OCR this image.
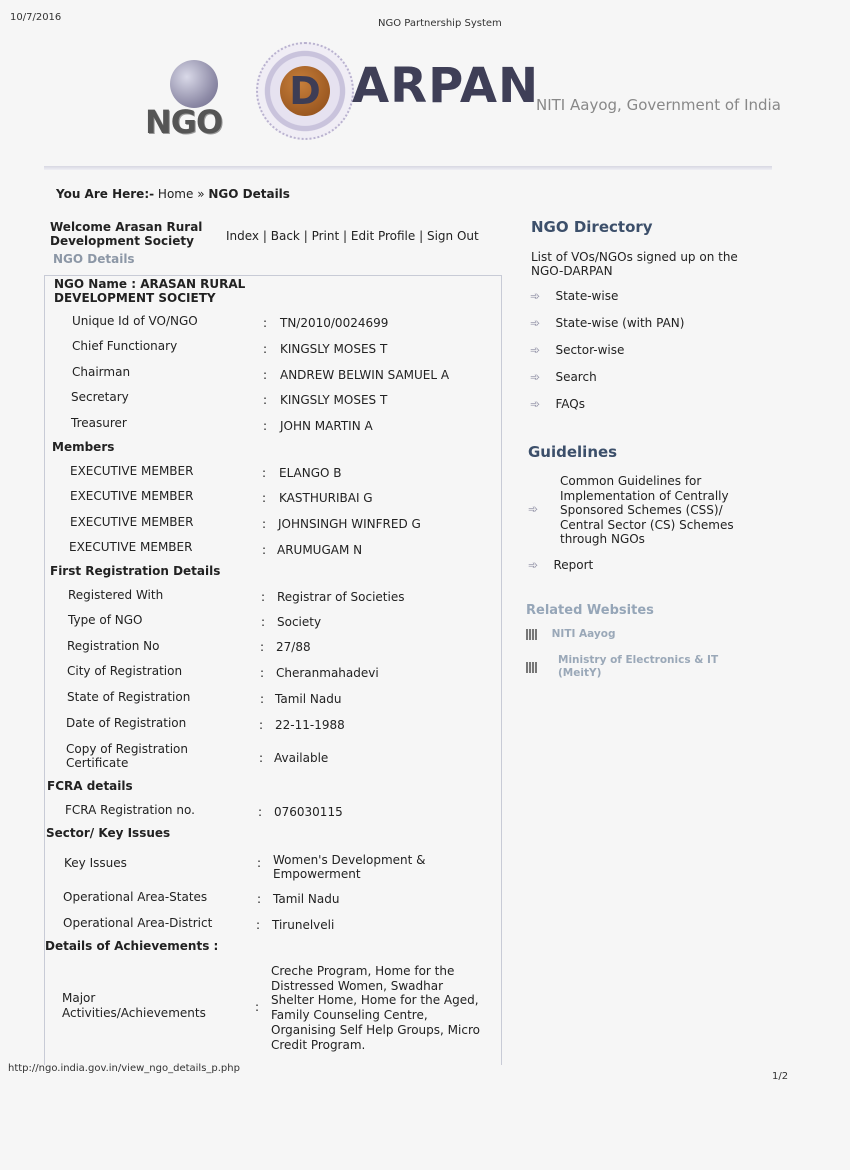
10/7/2016
NGO Partnership System
NGO
D ARPAN
NITI Aayog, Government of India
You Are Here:- Home » NGO Details
Welcome Arasan Rural Development Society	Index | Back | Print | Edit Profile | Sign Out
NGO Details
NGO Name : ARASAN RURAL DEVELOPMENT SOCIETY
Unique Id of VO/NGO	: TN/2010/0024699
Chief Functionary	: KINGSLY MOSES T
Chairman	: ANDREW BELWIN SAMUEL A
Secretary	: KINGSLY MOSES T
Treasurer	: JOHN MARTIN A
Members
EXECUTIVE MEMBER	: ELANGO B
EXECUTIVE MEMBER	: KASTHURIBAI G
EXECUTIVE MEMBER	: JOHNSINGH WINFRED G
EXECUTIVE MEMBER	: ARUMUGAM N
First Registration Details
Registered With	: Registrar of Societies
Type of NGO	: Society
Registration No	: 27/88
City of Registration	: Cheranmahadevi
State of Registration	: Tamil Nadu
Date of Registration	: 22-11-1988
Copy of Registration Certificate	: Available
FCRA details
FCRA Registration no.	: 076030115
Sector/ Key Issues
Key Issues	: Women's Development & Empowerment
Operational Area-States	: Tamil Nadu
Operational Area-District	: Tirunelveli
Details of Achievements :
Major Activities/Achievements	:
Creche Program, Home for the Distressed Women, Swadhar Shelter Home, Home for the Aged, Family Counseling Centre, Organising Self Help Groups, Micro Credit Program.
NGO Directory
List of VOs/NGOs signed up on the NGO-DARPAN
➾ State-wise
➾ State-wise (with PAN)
➾ Sector-wise
➾ Search
➾ FAQs
Guidelines
➾
Common Guidelines for Implementation of Centrally Sponsored Schemes (CSS)/ Central Sector (CS) Schemes through NGOs
➾ Report
Related Websites
NITI Aayog
Ministry of Electronics & IT (MeitY)
http://ngo.india.gov.in/view_ngo_details_p.php
1/2
